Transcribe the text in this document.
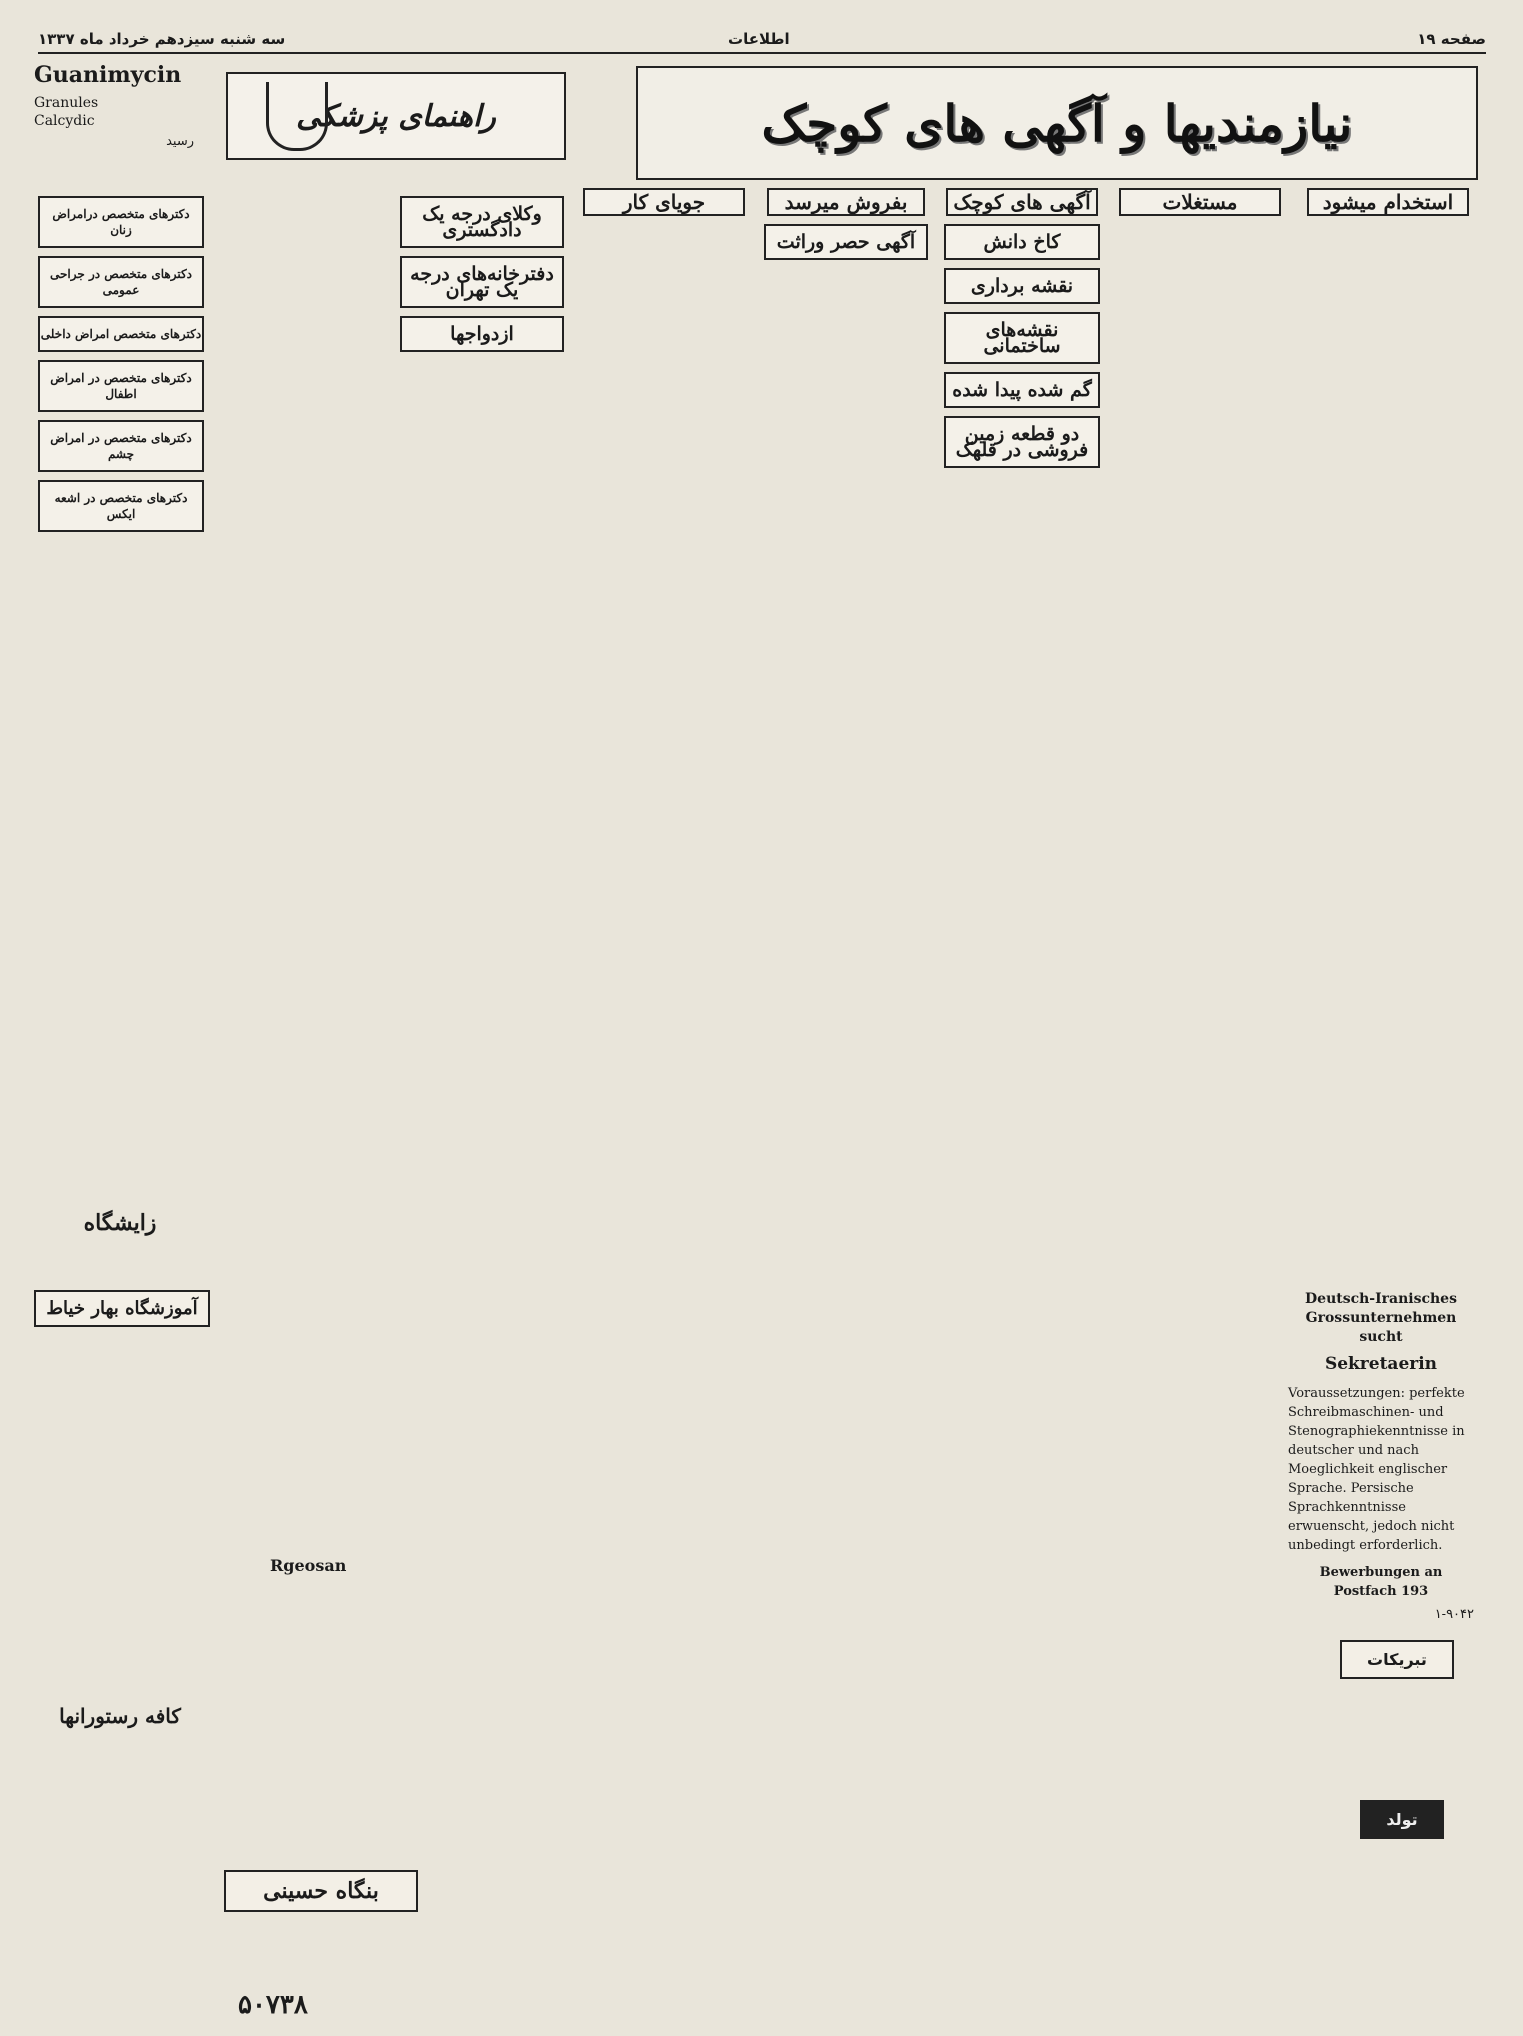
صفحه ۱۹
اطلاعات
سه شنبه سیزدهم خرداد ماه ۱۳۳۷
نیازمندیها و آگهی های کوچک
راهنمای پزشکی
Guanimycin
Granules
Calcydic
رسید
استخدام میشود
مستغلات
آگهی های کوچک
کاخ دانش
نقشه برداری
نقشه‌های ساختمانی
گم شده پیدا شده
دو قطعه زمین فروشی در قلهک
بفروش میرسد
آگهی حصر وراثت
جویای کار
وکلای درجه یک دادگستری
دفترخانه‌های درجه یک تهران
ازدواجها
دکترهای متخصص درامراض زنان
دکترهای متخصص در جراحی عمومی
دکترهای متخصص امراض داخلی
دکترهای متخصص در امراض اطفال
دکترهای متخصص در امراض چشم
دکترهای متخصص در اشعه ایکس
زایشگاه
آموزشگاه بهار خیاط
کافه رستورانها
Rgeosan
بنگاه حسینی
۵۰۷۳۸
Deutsch-Iranisches Grossunternehmen sucht
Sekretaerin
Voraussetzungen: perfekte Schreibmaschinen- und Stenographiekenntnisse in deutscher und nach Moeglichkeit englischer Sprache. Persische Sprachkenntnisse erwuenscht, jedoch nicht unbedingt erforderlich.
Bewerbungen an Postfach 193
۱-۹۰۴۲
تبریکات
تولد
